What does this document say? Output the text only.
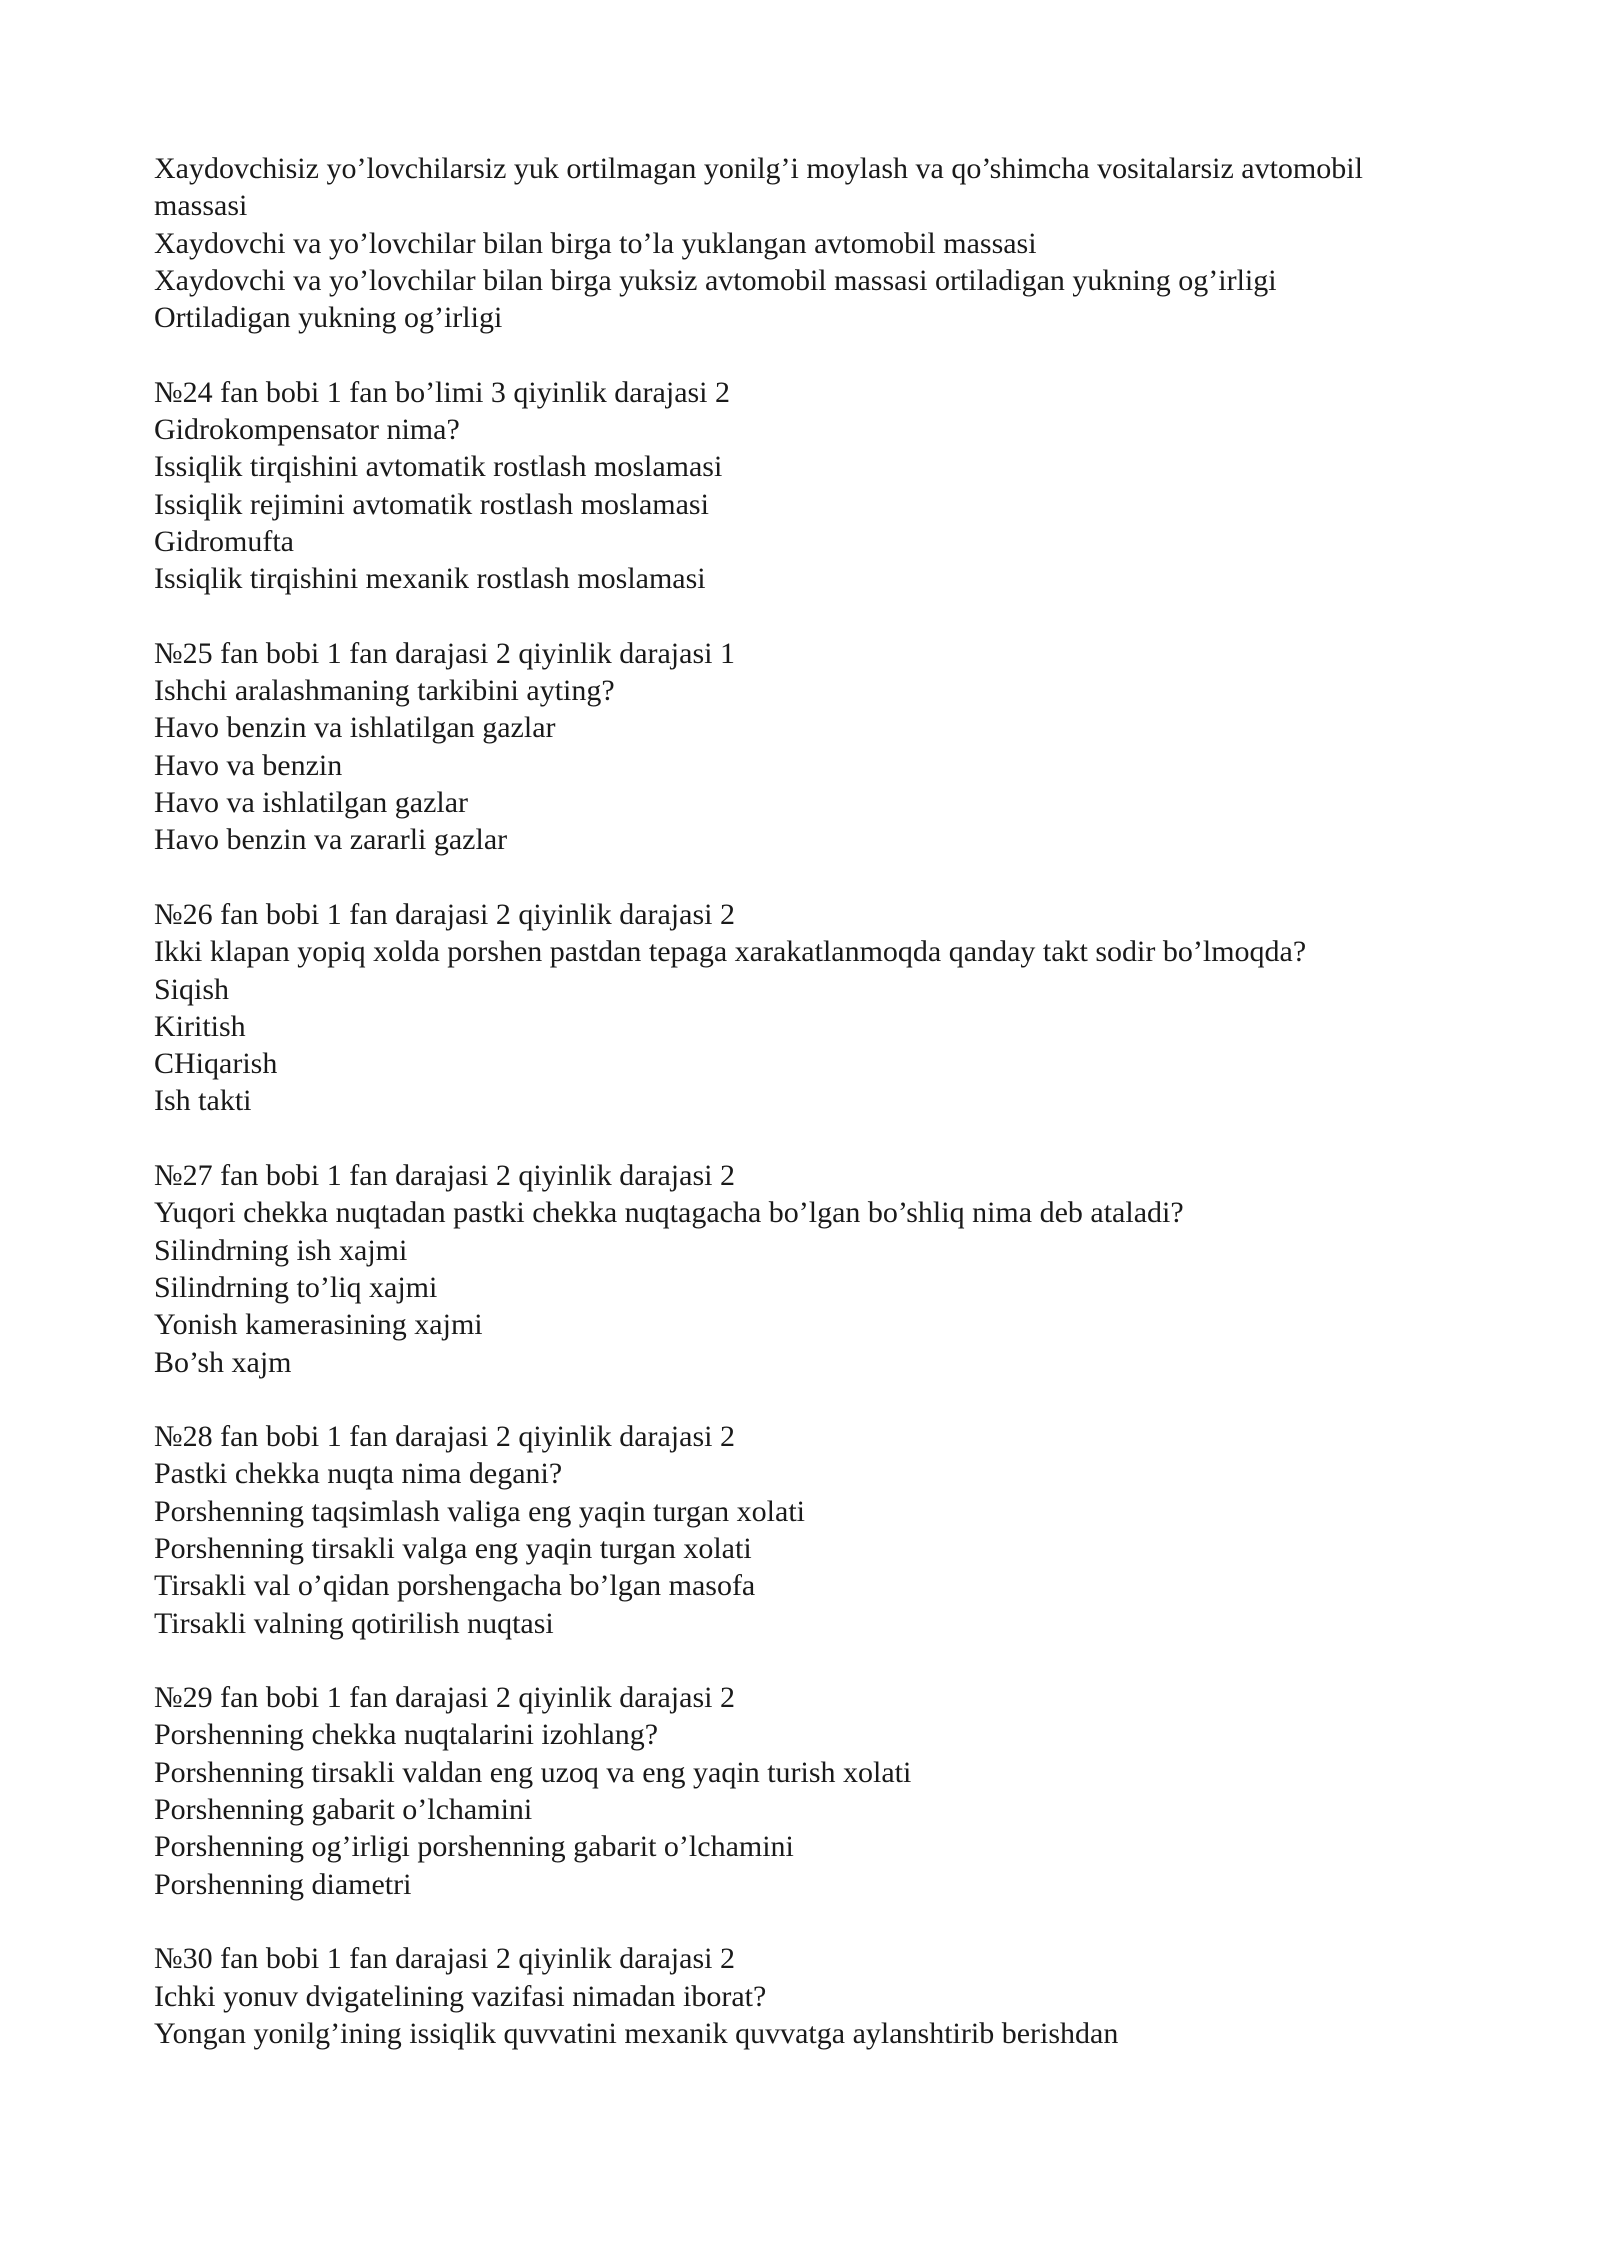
Xaydovchisiz yo’lovchilarsiz yuk ortilmagan yonilg’i moylash va qo’shimcha vositalarsiz avtomobil massasi
Xaydovchi va yo’lovchilar bilan birga to’la yuklangan avtomobil massasi
Xaydovchi va yo’lovchilar bilan birga yuksiz avtomobil massasi ortiladigan yukning og’irligi
Ortiladigan yukning og’irligi
№24 fan bobi 1 fan bo’limi 3 qiyinlik darajasi 2
Gidrokompensator nima?
Issiqlik tirqishini avtomatik rostlash moslamasi
Issiqlik rejimini avtomatik rostlash moslamasi
Gidromufta
Issiqlik tirqishini mexanik rostlash moslamasi
№25 fan bobi 1 fan darajasi 2 qiyinlik darajasi 1
Ishchi aralashmaning tarkibini ayting?
Havo benzin va ishlatilgan gazlar
Havo va benzin
Havo va ishlatilgan gazlar
Havo benzin va zararli gazlar
№26 fan bobi 1 fan darajasi 2 qiyinlik darajasi 2
Ikki klapan yopiq xolda porshen pastdan tepaga xarakatlanmoqda qanday takt sodir bo’lmoqda?
Siqish
Kiritish
CHiqarish
Ish takti
№27 fan bobi 1 fan darajasi 2 qiyinlik darajasi 2
Yuqori chekka nuqtadan pastki chekka nuqtagacha bo’lgan bo’shliq nima deb ataladi?
Silindrning ish xajmi
Silindrning to’liq xajmi
Yonish kamerasining xajmi
Bo’sh xajm
№28 fan bobi 1 fan darajasi 2 qiyinlik darajasi 2
Pastki chekka nuqta nima degani?
Porshenning taqsimlash valiga eng yaqin turgan xolati
Porshenning tirsakli valga eng yaqin turgan xolati
Tirsakli val o’qidan porshengacha bo’lgan masofa
Tirsakli valning qotirilish nuqtasi
№29 fan bobi 1 fan darajasi 2 qiyinlik darajasi 2
Porshenning chekka nuqtalarini izohlang?
Porshenning tirsakli valdan eng uzoq va eng yaqin turish xolati
Porshenning gabarit o’lchamini
Porshenning og’irligi porshenning gabarit o’lchamini
Porshenning diametri
№30 fan bobi 1 fan darajasi 2 qiyinlik darajasi 2
Ichki yonuv dvigatelining vazifasi nimadan iborat?
Yongan yonilg’ining issiqlik quvvatini mexanik quvvatga aylanshtirib berishdan
